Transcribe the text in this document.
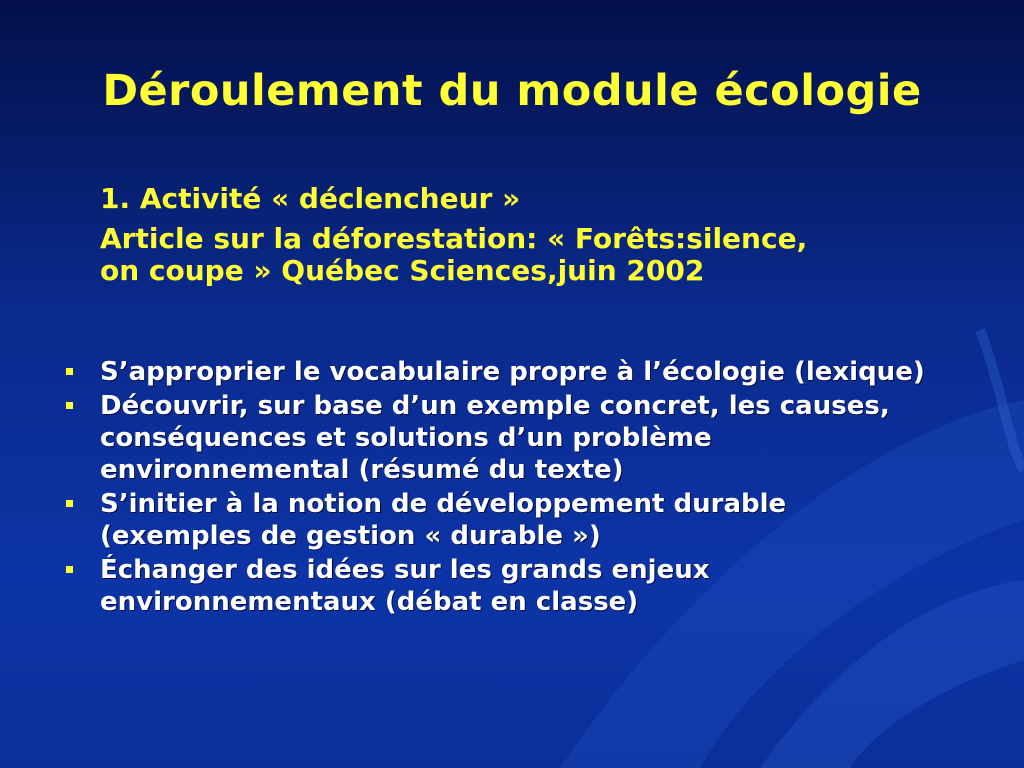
Déroulement du module écologie
1. Activité « déclencheur »
Article sur la déforestation: « Forêts:silence,
on coupe » Québec Sciences,juin 2002
S’approprier le vocabulaire propre à l’écologie (lexique)
Découvrir, sur base d’un exemple concret, les causes,
conséquences et solutions d’un problème
environnemental (résumé du texte)
S’initier à la notion de développement durable
(exemples de gestion « durable »)
Échanger des idées sur les grands enjeux
environnementaux (débat en classe)
